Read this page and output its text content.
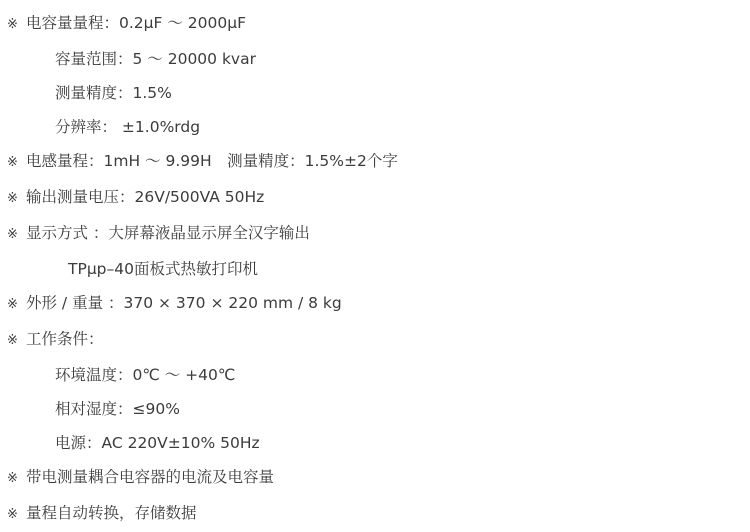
※ 电容量量程：0.2μF ～ 2000μF
容量范围：5 ～ 20000 kvar
测量精度：1.5%
分辨率： ±1.0%rdg
※ 电感量程：1mH ～ 9.99H　测量精度：1.5%±2个字
※ 输出测量电压：26V/500VA 50Hz
※ 显示方式 ：大屏幕液晶显示屏全汉字输出
TPμp–40面板式热敏打印机
※ 外形 / 重量 ：370 × 370 × 220 mm / 8 kg
※ 工作条件：
环境温度：0℃ ～ +40℃
相对湿度：≤90%
电源：AC 220V±10% 50Hz
※ 带电测量耦合电容器的电流及电容量
※ 量程自动转换，存储数据
